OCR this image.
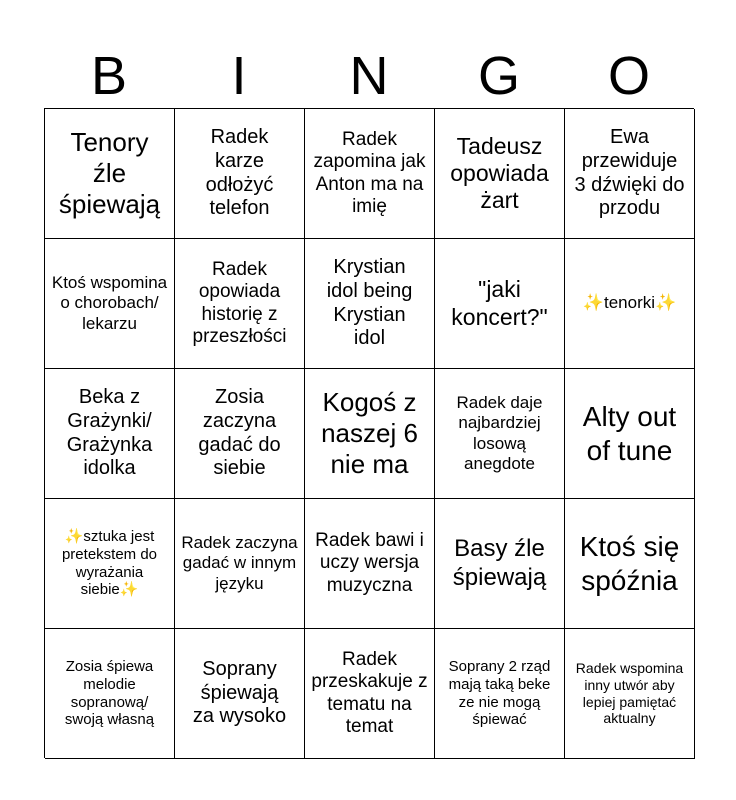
B	I	N	G	O
Tenory źle śpiewają
Radek karze odłożyć telefon
Radek zapomina jak Anton ma na imię
Tadeusz opowiada żart
Ewa przewiduje 3 dźwięki do przodu
Ktoś wspomina o chorobach/ lekarzu
Radek opowiada historię z przeszłości
Krystian idol being Krystian idol
"jaki koncert?"
✨tenorki✨
Beka z Grażynki/ Grażynka idolka
Zosia zaczyna gadać do siebie
Kogoś z naszej 6 nie ma
Radek daje najbardziej losową anegdote
Alty out of tune
✨sztuka jest pretekstem do wyrażania siebie✨
Radek zaczyna gadać w innym języku
Radek bawi i uczy wersja muzyczna
Basy źle śpiewają
Ktoś się spóźnia
Zosia śpiewa melodie sopranową/ swoją własną
Soprany śpiewają za wysoko
Radek przeskakuje z tematu na temat
Soprany 2 rząd mają taką beke ze nie mogą śpiewać
Radek wspomina inny utwór aby lepiej pamiętać aktualny
